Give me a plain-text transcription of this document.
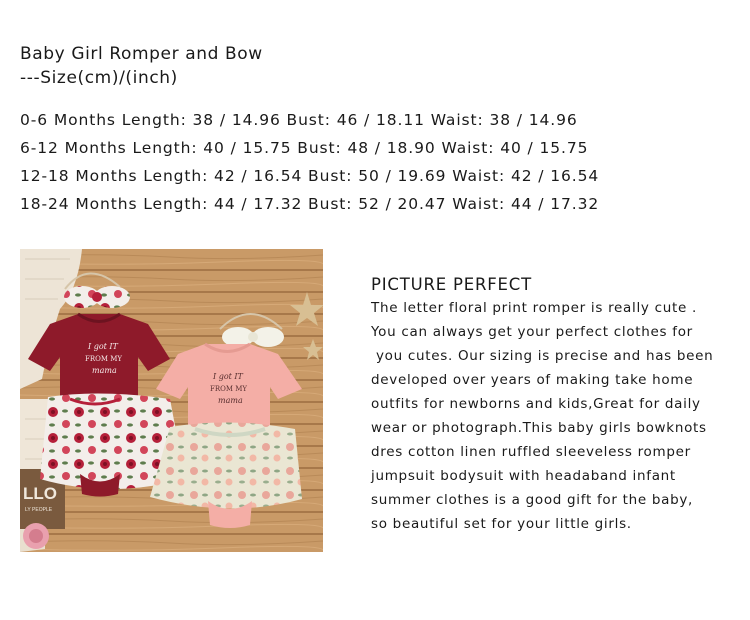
Baby Girl Romper and Bow
---Size(cm)/(inch)
0-6 Months Length: 38 / 14.96 Bust: 46 / 18.11 Waist: 38 / 14.96
6-12 Months Length: 40 / 15.75 Bust: 48 / 18.90 Waist: 40 / 15.75
12-18 Months Length: 42 / 16.54 Bust: 50 / 19.69 Waist: 42 / 16.54
18-24 Months Length: 44 / 17.32 Bust: 52 / 20.47 Waist: 44 / 17.32
LLO
LY PEOPLE
I got IT
FROM MY
mama
I got IT
FROM MY
mama
PICTURE PERFECT
The letter floral print romper is really cute .
You can always get your perfect clothes for
you cutes. Our sizing is precise and has been
developed over years of making take home
outfits for newborns and kids,Great for daily
wear or photograph.This baby girls bowknots
dres cotton linen ruffled sleeveless romper
jumpsuit bodysuit with headaband infant
summer clothes is a good gift for the baby,
so beautiful set for your little girls.
